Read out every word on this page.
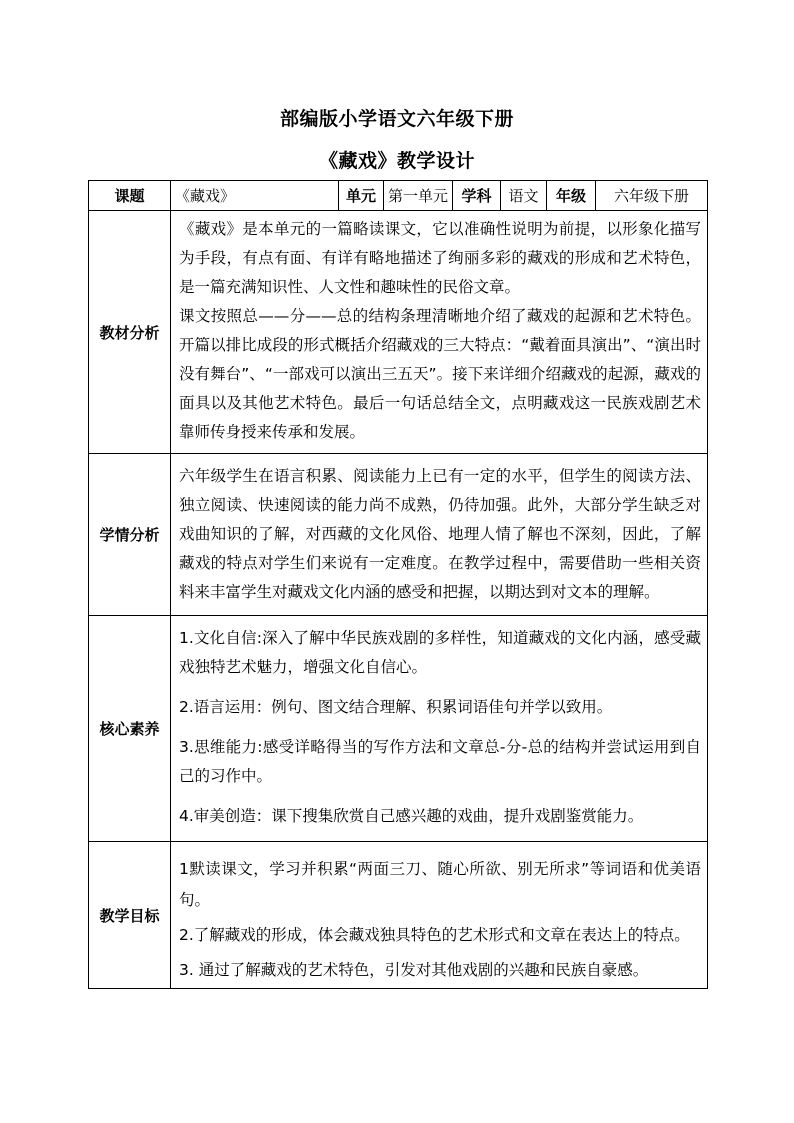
部编版小学语文六年级下册
《藏戏》教学设计
课题	《藏戏》	单元	第一单元	学科	语文	年级	六年级下册
教材分析	《藏戏》是本单元的一篇略读课文，它以准确性说明为前提，以形象化描写为手段，有点有面、有详有略地描述了绚丽多彩的藏戏的形成和艺术特色，是一篇充满知识性、人文性和趣味性的民俗文章。

课文按照总——分——总的结构条理清晰地介绍了藏戏的起源和艺术特色。开篇以排比成段的形式概括介绍藏戏的三大特点：“戴着面具演出”、“演出时没有舞台”、“一部戏可以演出三五天”。接下来详细介绍藏戏的起源，藏戏的面具以及其他艺术特色。最后一句话总结全文，点明藏戏这一民族戏剧艺术靠师传身授来传承和发展。						

学情分析	六年级学生在语言积累、阅读能力上已有一定的水平，但学生的阅读方法、独立阅读、快速阅读的能力尚不成熟，仍待加强。此外，大部分学生缺乏对戏曲知识的了解，对西藏的文化风俗、地理人情了解也不深刻，因此，了解藏戏的特点对学生们来说有一定难度。在教学过程中，需要借助一些相关资料来丰富学生对藏戏文化内涵的感受和把握，以期达到对文本的理解。						

核心素养	1.文化自信:深入了解中华民族戏剧的多样性，知道藏戏的文化内涵，感受藏戏独特艺术魅力，增强文化自信心。

2.语言运用：例句、图文结合理解、积累词语佳句并学以致用。

3.思维能力:感受详略得当的写作方法和文章总-分-总的结构并尝试运用到自己的习作中。

4.审美创造：课下搜集欣赏自己感兴趣的戏曲，提升戏剧鉴赏能力。						

教学目标	1默读课文，学习并积累“两面三刀、随心所欲、别无所求”等词语和优美语句。

2.了解藏戏的形成，体会藏戏独具特色的艺术形式和文章在表达上的特点。

3. 通过了解藏戏的艺术特色，引发对其他戏剧的兴趣和民族自豪感。						
